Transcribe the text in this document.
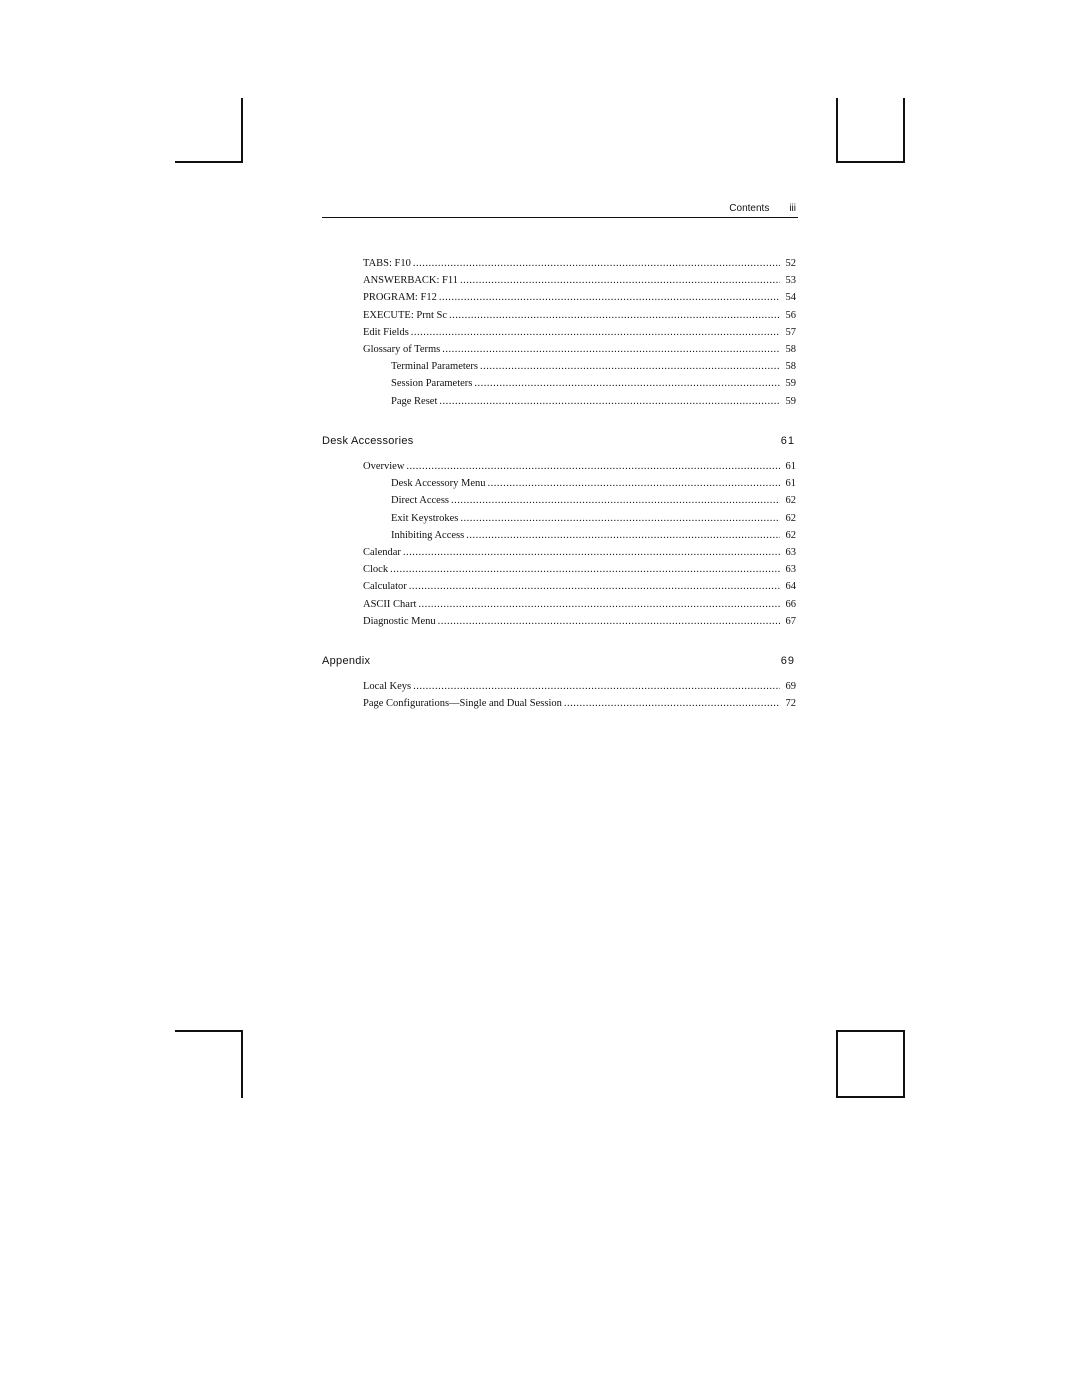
Contents iii
TABS: F10 .....	52
ANSWERBACK: F11 .....	53
PROGRAM: F12 .....	54
EXECUTE: Prnt Sc .....	56
Edit Fields .....	57
Glossary of Terms .....	58
Terminal Parameters .....	58
Session Parameters .....	59
Page Reset .....	59
Desk Accessories	61
Overview .....	61
Desk Accessory Menu .....	61
Direct Access .....	62
Exit Keystrokes .....	62
Inhibiting Access .....	62
Calendar .....	63
Clock .....	63
Calculator .....	64
ASCII Chart .....	66
Diagnostic Menu .....	67
Appendix	69
Local Keys .....	69
Page Configurations—Single and Dual Session .....	72
